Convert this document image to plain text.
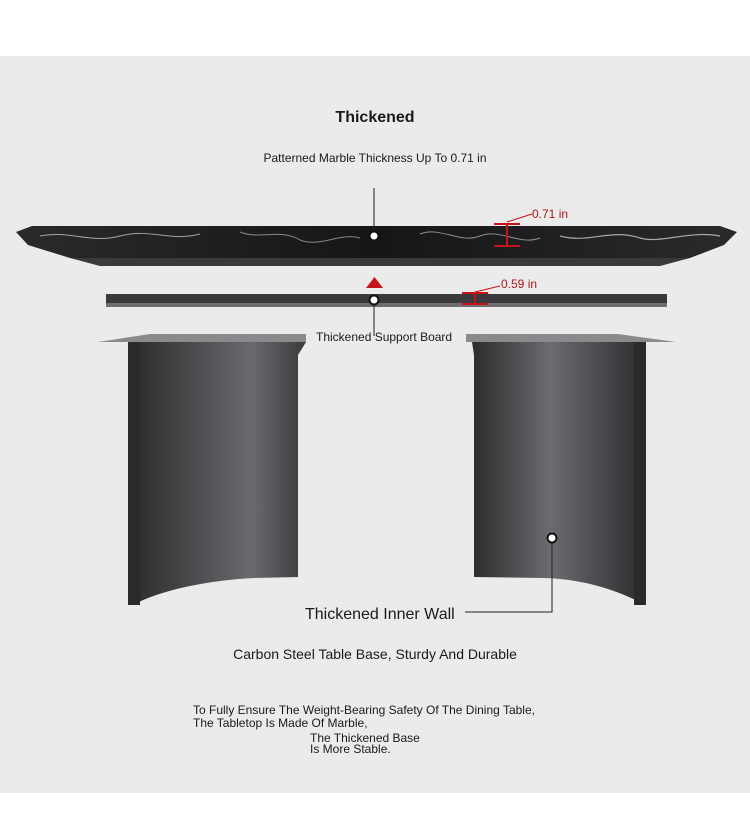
Thickened
Patterned Marble Thickness Up To 0.71 in
0.71 in
0.59 in
Thickened Support Board
Thickened Inner Wall
Carbon Steel Table Base, Sturdy And Durable
To Fully Ensure The Weight-Bearing Safety Of The Dining Table,
The Tabletop Is Made Of Marble,
The Thickened Base
Is More Stable.
